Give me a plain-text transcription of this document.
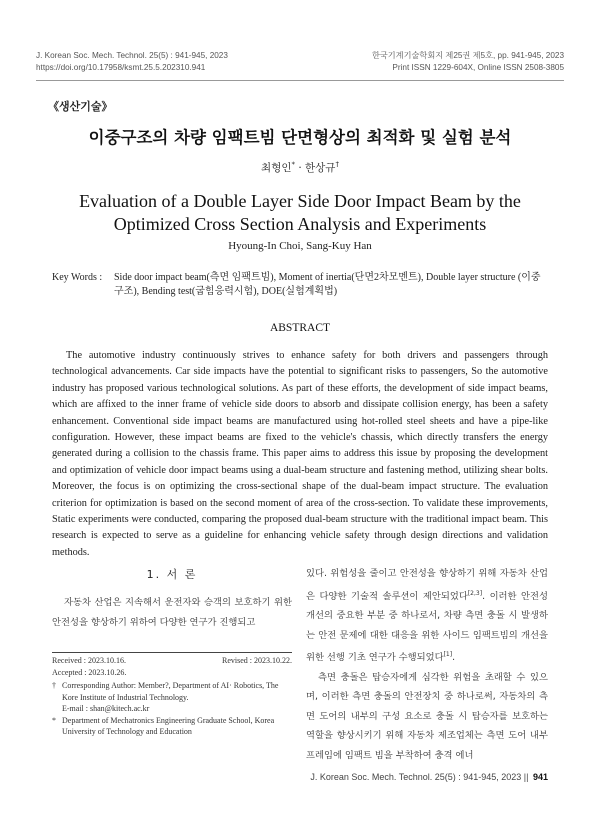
J. Korean Soc. Mech. Technol. 25(5) : 941-945, 2023
https://doi.org/10.17958/ksmt.25.5.202310.941
한국기계기술학회지 제25권 제5호, pp. 941-945, 2023
Print ISSN 1229-604X, Online ISSN 2508-3805
《생산기술》
이중구조의 차량 임팩트빔 단면형상의 최적화 및 실험 분석
최형인* · 한상규†
Evaluation of a Double Layer Side Door Impact Beam by the Optimized Cross Section Analysis and Experiments
Hyoung-In Choi, Sang-Kuy Han
Key Words : Side door impact beam(측면 임팩트빔), Moment of inertia(단면2차모멘트), Double layer structure (이중 구조), Bending test(굽힘응력시험), DOE(실험계획법)
ABSTRACT

The automotive industry continuously strives to enhance safety for both drivers and passengers through technological advancements. Car side impacts have the potential to significant risks to passengers, So the automotive industry has proposed various technological solutions. As part of these efforts, the development of side impact beams, which are affixed to the inner frame of vehicle side doors to absorb and dissipate collision energy, has been a safety enhancement. Conventional side impact beams are manufactured using hot-rolled steel sheets and have a pipe-like configuration. However, these impact beams are fixed to the vehicle's chassis, which directly transfers the energy generated during a collision to the chassis frame. This paper aims to address this issue by proposing the development and optimization of vehicle door impact beams using a dual-beam structure and fastening method, utilizing shear bolts. Moreover, the focus is on optimizing the cross-sectional shape of the dual-beam impact structure. The evaluation criterion for optimization is based on the second moment of area of the cross-section. To validate these improvements, Static experiments were conducted, comparing the proposed dual-beam structure with the traditional impact beam. This research is expected to serve as a guideline for enhancing vehicle safety through design directions and validation methods.

1. 서 론

자동차 산업은 지속해서 운전자와 승객의 보호하기 위한 안전성을 향상하기 위하여 다양한 연구가 진행되고

있다. 위험성을 줄이고 안전성을 향상하기 위해 자동차 산업은 다양한 기술적 솔루션이 제안되었다[2,3]. 이러한 안전성 개선의 중요한 부분 중 하나로서, 차량 측면 충돌 시 발생하는 안전 문제에 대한 대응을 위한 사이드 임팩트빔의 개선을 위한 선행 기초 연구가 수행되었다[1].

측면 충돌은 탑승자에게 심각한 위험을 초래할 수 있으며, 이러한 측면 충돌의 안전장치 중 하나로써, 자동차의 측면 도어의 내부의 구성 요소로 충돌 시 탑승자를 보호하는 역할을 향상시키기 위해 자동차 제조업체는 측면 도어 내부 프레임에 임팩트 빔을 부착하여 충격 에너

Received : 2023.10.16.	Revised : 2023.10.22.
Accepted : 2023.10.26.
† Corresponding Author: Member?, Department of AI· Robotics, The Kore Institute of Industrial Technology.
E-mail : shan@kitech.ac.kr
* Department of Mechatronics Engineering Graduate School, Korea University of Technology and Education
J. Korean Soc. Mech. Technol. 25(5) : 941-945, 2023 || 941
